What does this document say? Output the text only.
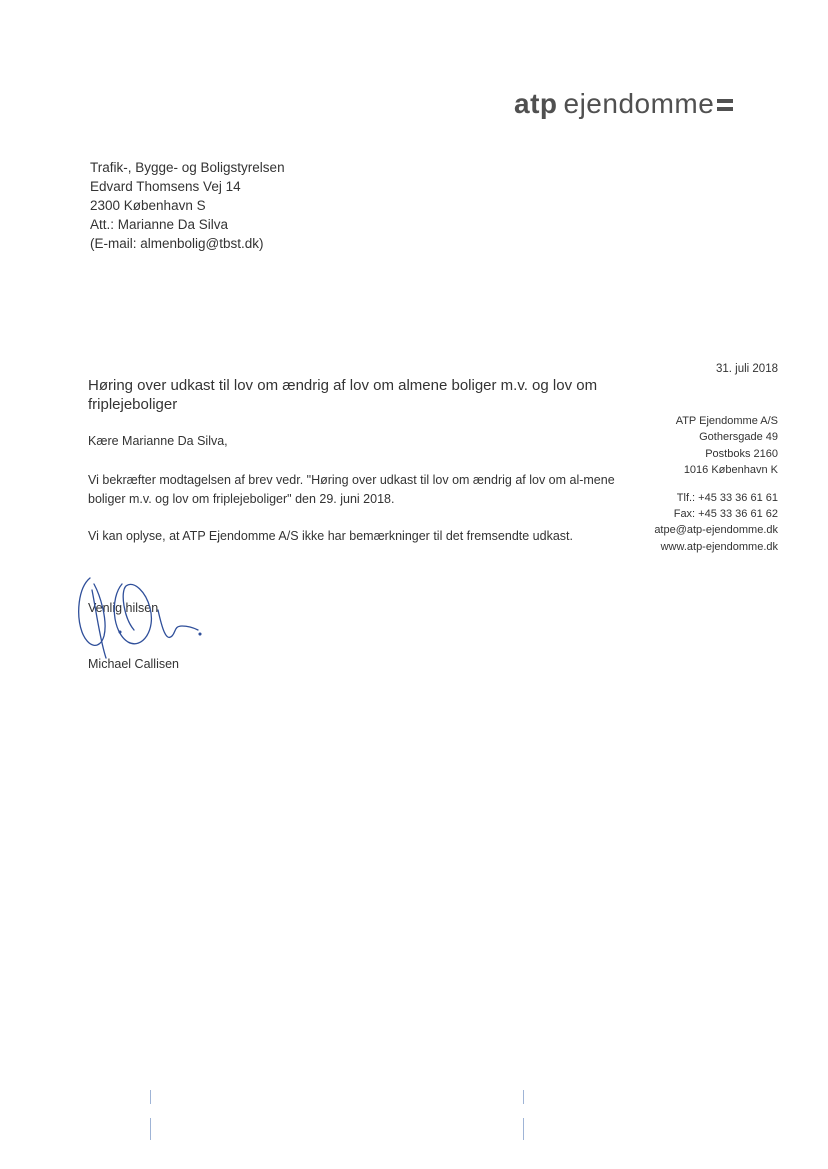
atp ejendomme
Trafik-, Bygge- og Boligstyrelsen
Edvard Thomsens Vej 14
2300 København S
Att.: Marianne Da Silva
(E-mail: almenbolig@tbst.dk)
31. juli 2018
ATP Ejendomme A/S
Gothersgade 49
Postboks 2160
1016 København K
Tlf.: +45 33 36 61 61
Fax: +45 33 36 61 62
atpe@atp-ejendomme.dk
www.atp-ejendomme.dk
Høring over udkast til lov om ændrig af lov om almene boliger m.v. og lov om friplejeboliger
Kære Marianne Da Silva,
Vi bekræfter modtagelsen af brev vedr. "Høring over udkast til lov om ændrig af lov om al-mene boliger m.v. og lov om friplejeboliger" den 29. juni 2018.
Vi kan oplyse, at ATP Ejendomme A/S ikke har bemærkninger til det fremsendte udkast.
Venlig hilsen
Michael Callisen
